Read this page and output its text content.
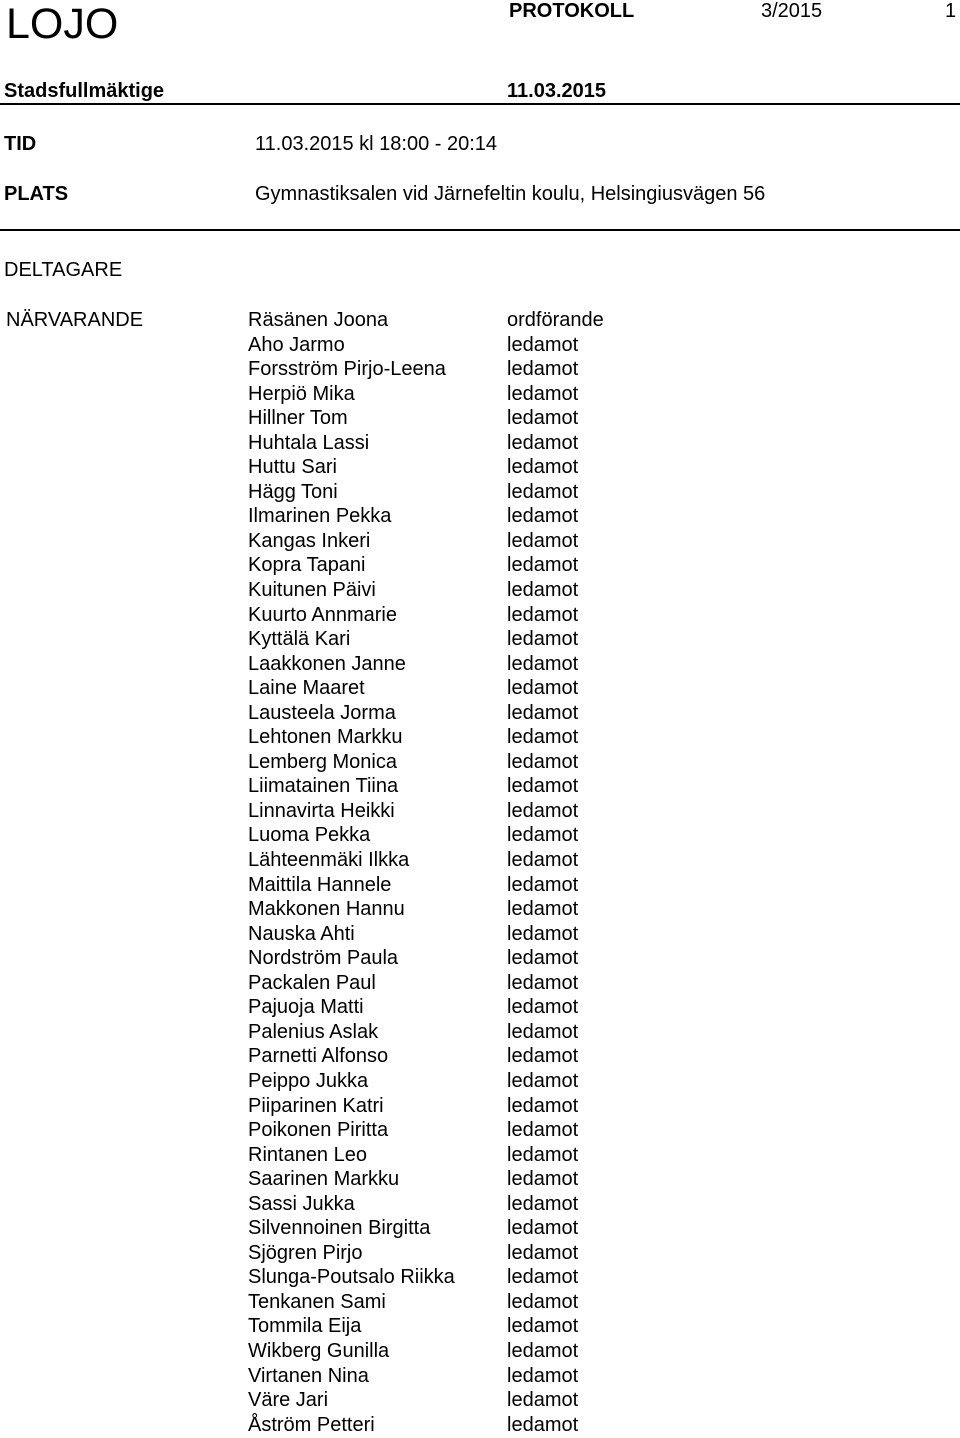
LOJO	PROTOKOLL	3/2015	1
Stadsfullmäktige	11.03.2015
TID	11.03.2015 kl 18:00 - 20:14
PLATS	Gymnastiksalen vid Järnefeltin koulu, Helsingiusvägen 56
DELTAGARE
NÄRVARANDE	Räsänen Joona	ordförande
Aho Jarmo	ledamot
Forsström Pirjo-Leena	ledamot
Herpiö Mika	ledamot
Hillner Tom	ledamot
Huhtala Lassi	ledamot
Huttu Sari	ledamot
Hägg Toni	ledamot
Ilmarinen Pekka	ledamot
Kangas Inkeri	ledamot
Kopra Tapani	ledamot
Kuitunen Päivi	ledamot
Kuurto Annmarie	ledamot
Kyttälä Kari	ledamot
Laakkonen Janne	ledamot
Laine Maaret	ledamot
Lausteela Jorma	ledamot
Lehtonen Markku	ledamot
Lemberg Monica	ledamot
Liimatainen Tiina	ledamot
Linnavirta Heikki	ledamot
Luoma Pekka	ledamot
Lähteenmäki Ilkka	ledamot
Maittila Hannele	ledamot
Makkonen Hannu	ledamot
Nauska Ahti	ledamot
Nordström Paula	ledamot
Packalen Paul	ledamot
Pajuoja Matti	ledamot
Palenius Aslak	ledamot
Parnetti Alfonso	ledamot
Peippo Jukka	ledamot
Piiparinen Katri	ledamot
Poikonen Piritta	ledamot
Rintanen Leo	ledamot
Saarinen Markku	ledamot
Sassi Jukka	ledamot
Silvennoinen Birgitta	ledamot
Sjögren Pirjo	ledamot
Slunga-Poutsalo Riikka	ledamot
Tenkanen Sami	ledamot
Tommila Eija	ledamot
Wikberg Gunilla	ledamot
Virtanen Nina	ledamot
Väre Jari	ledamot
Åström Petteri	ledamot
